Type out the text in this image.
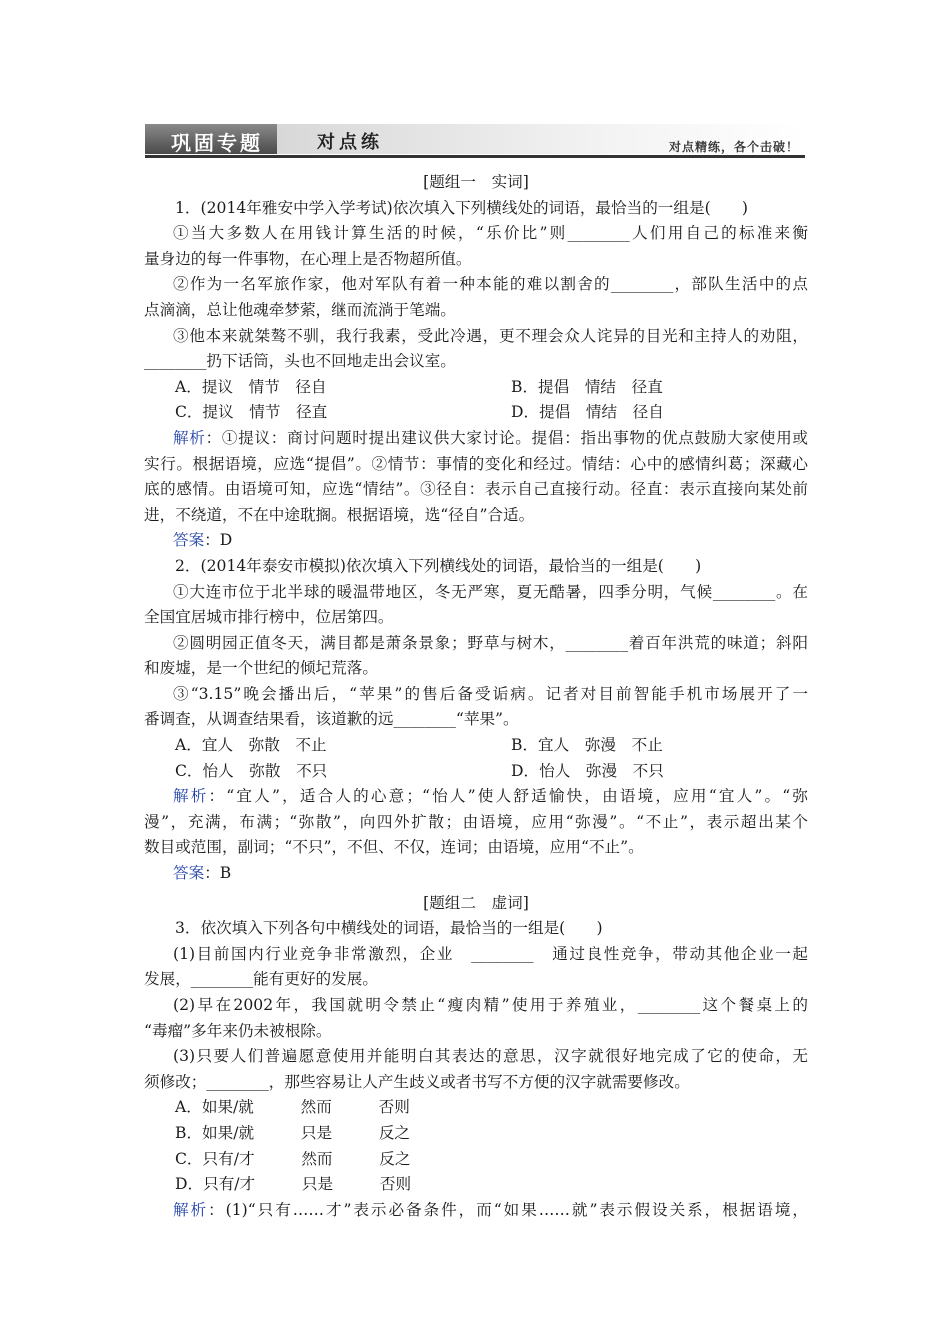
巩固专题	对点练	对点精练，各个击破！
[题组一　实词]
1．(2014年雅安中学入学考试)依次填入下列横线处的词语，最恰当的一组是(　　)
①当大多数人在用钱计算生活的时候，“乐价比”则________人们用自己的标准来衡
量身边的每一件事物，在心理上是否物超所值。
②作为一名军旅作家，他对军队有着一种本能的难以割舍的________，部队生活中的点
点滴滴，总让他魂牵梦萦，继而流淌于笔端。
③他本来就桀骜不驯，我行我素，受此冷遇，更不理会众人诧异的目光和主持人的劝阻，
________扔下话筒，头也不回地走出会议室。
A．提议　情节　径自	B．提倡　情结　径直
C．提议　情节　径直	D．提倡　情结　径自
解析：①提议：商讨问题时提出建议供大家讨论。提倡：指出事物的优点鼓励大家使用或
实行。根据语境，应选“提倡”。②情节：事情的变化和经过。情结：心中的感情纠葛；深藏心
底的感情。由语境可知，应选“情结”。③径自：表示自己直接行动。径直：表示直接向某处前
进，不绕道，不在中途耽搁。根据语境，选“径自”合适。
答案：D
2．(2014年泰安市模拟)依次填入下列横线处的词语，最恰当的一组是(　　)
①大连市位于北半球的暖温带地区，冬无严寒，夏无酷暑，四季分明，气候________。在
全国宜居城市排行榜中，位居第四。
②圆明园正值冬天，满目都是萧条景象；野草与树木，________着百年洪荒的味道；斜阳
和废墟，是一个世纪的倾圮荒落。
③“3.15”晚会播出后，“苹果”的售后备受诟病。记者对目前智能手机市场展开了一
番调查，从调查结果看，该道歉的远________“苹果”。
A．宜人　弥散　不止	B．宜人　弥漫　不止
C．怡人　弥散　不只	D．怡人　弥漫　不只
解析：“宜人”，适合人的心意；“怡人”使人舒适愉快，由语境，应用“宜人”。“弥
漫”，充满，布满；“弥散”，向四外扩散；由语境，应用“弥漫”。“不止”，表示超出某个
数目或范围，副词；“不只”，不但、不仅，连词；由语境，应用“不止”。
答案：B
[题组二　虚词]
3．依次填入下列各句中横线处的词语，最恰当的一组是(　　)
(1)目前国内行业竞争非常激烈，企业　________　通过良性竞争，带动其他企业一起
发展，________能有更好的发展。
(2)早在2002年，我国就明令禁止“瘦肉精”使用于养殖业，________这个餐桌上的
“毒瘤”多年来仍未被根除。
(3)只要人们普遍愿意使用并能明白其表达的意思，汉字就很好地完成了它的使命，无
须修改；________，那些容易让人产生歧义或者书写不方便的汉字就需要修改。
A．如果/就　　　然而　　　否则
B．如果/就　　　只是　　　反之
C．只有/才　　　然而　　　反之
D．只有/才　　　只是　　　否则
解析：(1)“只有……才”表示必备条件，而“如果……就”表示假设关系，根据语境，
